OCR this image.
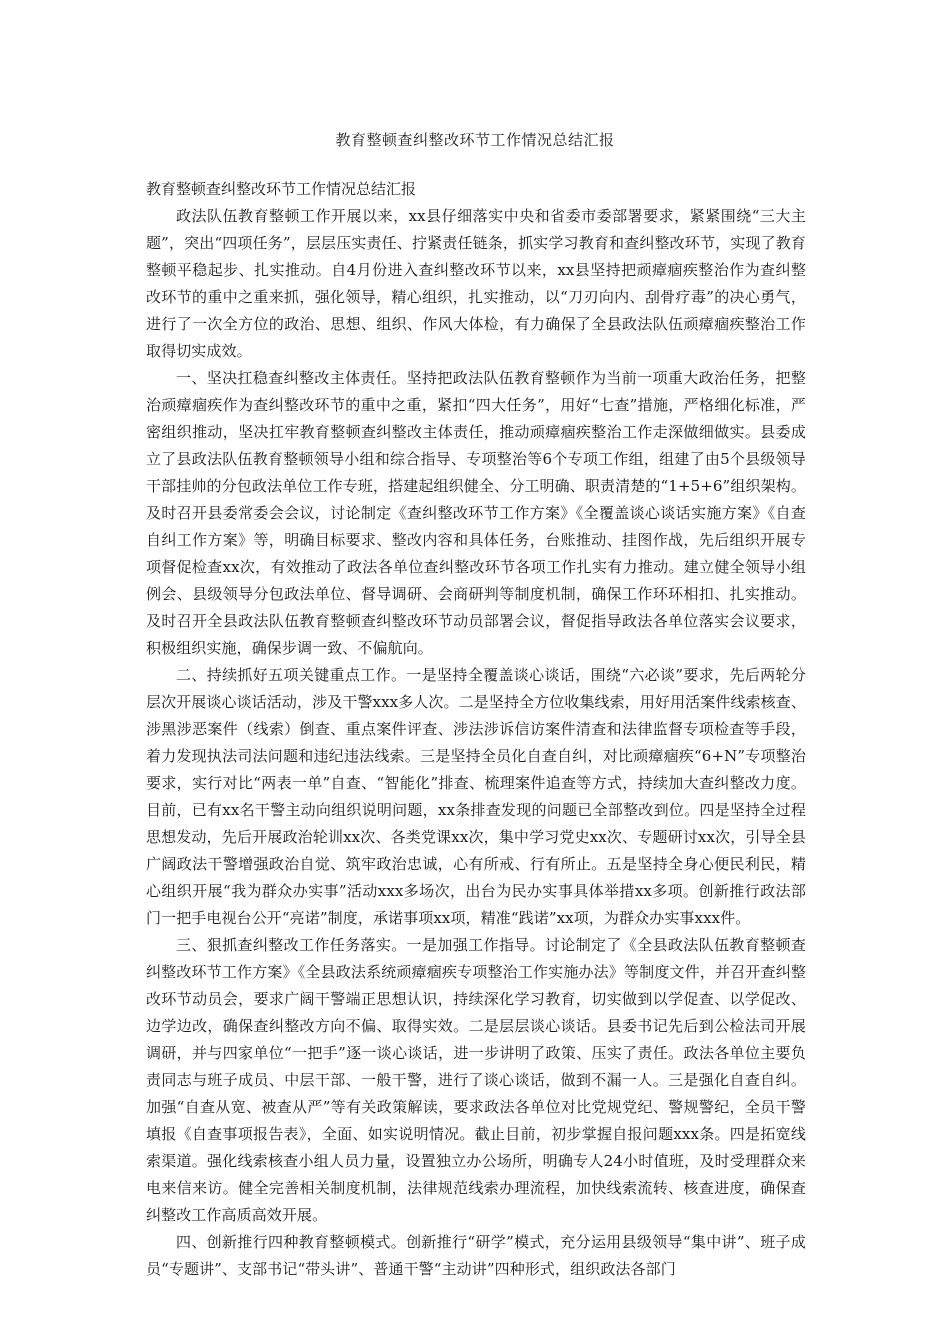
教育整顿查纠整改环节工作情况总结汇报

教育整顿查纠整改环节工作情况总结汇报

政法队伍教育整顿工作开展以来，xx县仔细落实中央和省委市委部署要求，紧紧围绕“三大主题”，突出“四项任务”，层层压实责任、拧紧责任链条，抓实学习教育和查纠整改环节，实现了教育整顿平稳起步、扎实推动。自4月份进入查纠整改环节以来，xx县坚持把顽瘴痼疾整治作为查纠整改环节的重中之重来抓，强化领导，精心组织，扎实推动，以“刀刃向内、刮骨疗毒”的决心勇气，进行了一次全方位的政治、思想、组织、作风大体检，有力确保了全县政法队伍顽瘴痼疾整治工作取得切实成效。

一、坚决扛稳查纠整改主体责任。坚持把政法队伍教育整顿作为当前一项重大政治任务，把整治顽瘴痼疾作为查纠整改环节的重中之重，紧扣“四大任务”，用好“七查”措施，严格细化标准，严密组织推动，坚决扛牢教育整顿查纠整改主体责任，推动顽瘴痼疾整治工作走深做细做实。县委成立了县政法队伍教育整顿领导小组和综合指导、专项整治等6个专项工作组，组建了由5个县级领导干部挂帅的分包政法单位工作专班，搭建起组织健全、分工明确、职责清楚的“1+5+6”组织架构。及时召开县委常委会会议，讨论制定《查纠整改环节工作方案》《全覆盖谈心谈话实施方案》《自查自纠工作方案》等，明确目标要求、整改内容和具体任务，台账推动、挂图作战，先后组织开展专项督促检查xx次，有效推动了政法各单位查纠整改环节各项工作扎实有力推动。建立健全领导小组例会、县级领导分包政法单位、督导调研、会商研判等制度机制，确保工作环环相扣、扎实推动。及时召开全县政法队伍教育整顿查纠整改环节动员部署会议，督促指导政法各单位落实会议要求，积极组织实施，确保步调一致、不偏航向。

二、持续抓好五项关键重点工作。一是坚持全覆盖谈心谈话，围绕“六必谈”要求，先后两轮分层次开展谈心谈话活动，涉及干警xxx多人次。二是坚持全方位收集线索，用好用活案件线索核查、涉黑涉恶案件（线索）倒查、重点案件评查、涉法涉诉信访案件清查和法律监督专项检查等手段，着力发现执法司法问题和违纪违法线索。三是坚持全员化自查自纠，对比顽瘴痼疾“6+N”专项整治要求，实行对比“两表一单”自查、“智能化”排查、梳理案件追查等方式，持续加大查纠整改力度。目前，已有xx名干警主动向组织说明问题，xx条排查发现的问题已全部整改到位。四是坚持全过程思想发动，先后开展政治轮训xx次、各类党课xx次，集中学习党史xx次、专题研讨xx次，引导全县广阔政法干警增强政治自觉、筑牢政治忠诚，心有所戒、行有所止。五是坚持全身心便民利民，精心组织开展“我为群众办实事”活动xxx多场次，出台为民办实事具体举措xx多项。创新推行政法部门一把手电视台公开“亮诺”制度，承诺事项xx项，精准“践诺”xx项，为群众办实事xxx件。

三、狠抓查纠整改工作任务落实。一是加强工作指导。讨论制定了《全县政法队伍教育整顿查纠整改环节工作方案》《全县政法系统顽瘴痼疾专项整治工作实施办法》等制度文件，并召开查纠整改环节动员会，要求广阔干警端正思想认识，持续深化学习教育，切实做到以学促查、以学促改、边学边改，确保查纠整改方向不偏、取得实效。二是层层谈心谈话。县委书记先后到公检法司开展调研，并与四家单位“一把手”逐一谈心谈话，进一步讲明了政策、压实了责任。政法各单位主要负责同志与班子成员、中层干部、一般干警，进行了谈心谈话，做到不漏一人。三是强化自查自纠。加强“自查从宽、被查从严”等有关政策解读，要求政法各单位对比党规党纪、警规警纪，全员干警填报《自查事项报告表》，全面、如实说明情况。截止目前，初步掌握自报问题xxx条。四是拓宽线索渠道。强化线索核查小组人员力量，设置独立办公场所，明确专人24小时值班，及时受理群众来电来信来访。健全完善相关制度机制，法律规范线索办理流程，加快线索流转、核查进度，确保查纠整改工作高质高效开展。

四、创新推行四种教育整顿模式。创新推行“研学”模式，充分运用县级领导“集中讲”、班子成员“专题讲”、支部书记“带头讲”、普通干警“主动讲”四种形式，组织政法各部门
